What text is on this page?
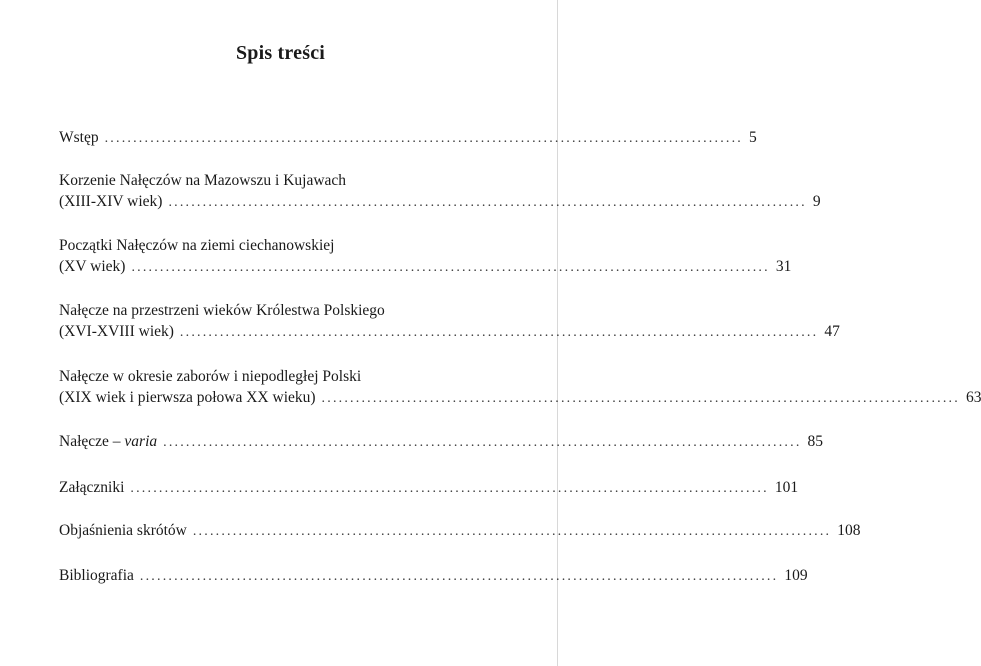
Spis treści
Wstęp ................................................................................................................ 5
Korzenie Nałęczów na Mazowszu i Kujawach
(XIII-XIV wiek) ................................................................................................................ 9
Początki Nałęczów na ziemi ciechanowskiej
(XV wiek) ................................................................................................................ 31
Nałęcze na przestrzeni wieków Królestwa Polskiego
(XVI-XVIII wiek) ................................................................................................................ 47
Nałęcze w okresie zaborów i niepodległej Polski
(XIX wiek i pierwsza połowa XX wieku) ................................................................................................................ 63
Nałęcze – varia ................................................................................................................ 85
Załączniki ................................................................................................................ 101
Objaśnienia skrótów ................................................................................................................ 108
Bibliografia ................................................................................................................ 109
